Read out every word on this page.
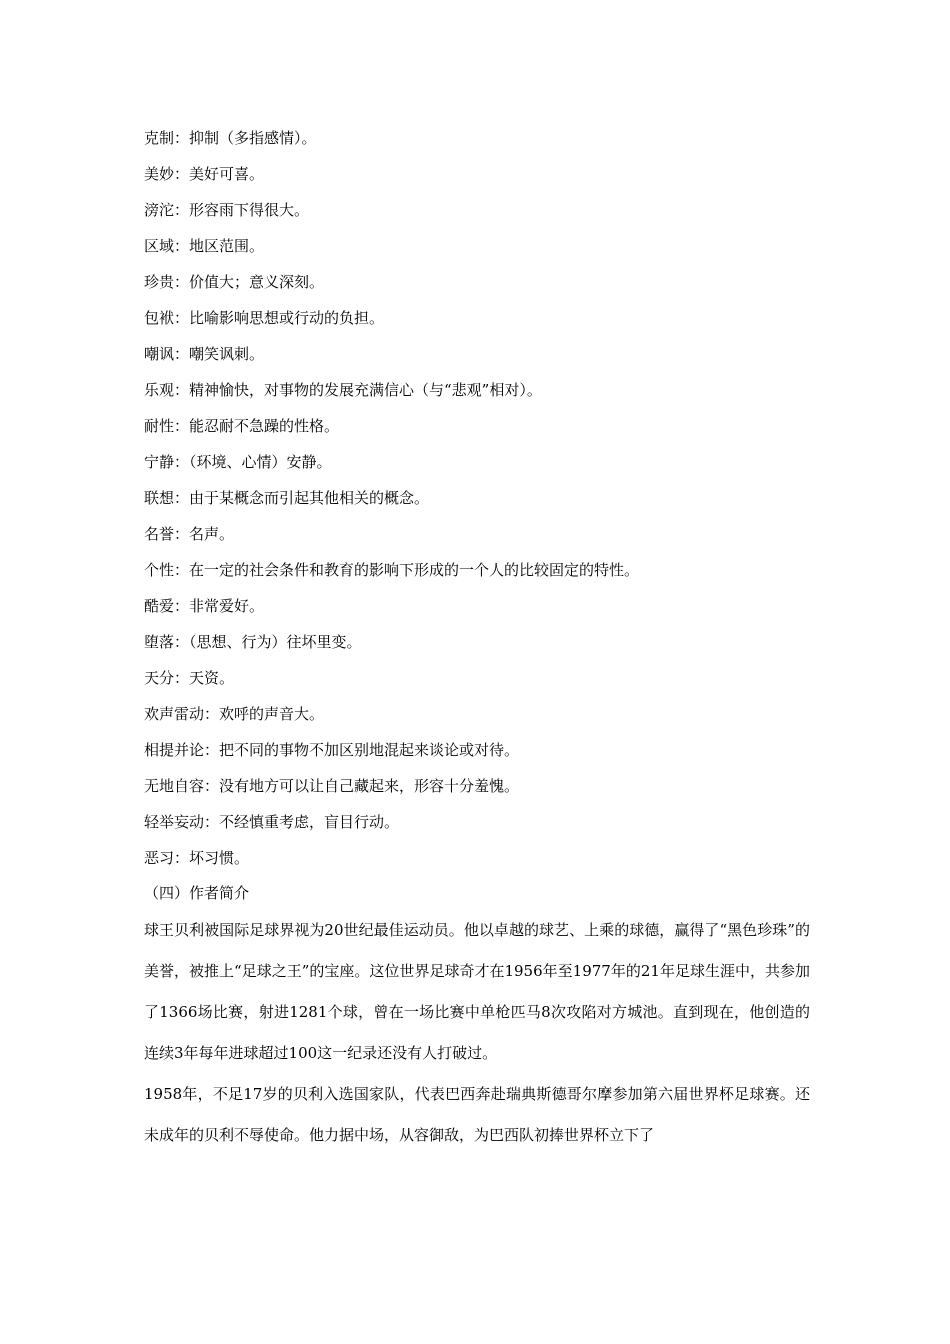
克制：抑制（多指感情）。
美妙：美好可喜。
滂沱：形容雨下得很大。
区域：地区范围。
珍贵：价值大；意义深刻。
包袱：比喻影响思想或行动的负担。
嘲讽：嘲笑讽刺。
乐观：精神愉快，对事物的发展充满信心（与“悲观”相对）。
耐性：能忍耐不急躁的性格。
宁静：（环境、心情）安静。
联想：由于某概念而引起其他相关的概念。
名誉：名声。
个性：在一定的社会条件和教育的影响下形成的一个人的比较固定的特性。
酷爱：非常爱好。
堕落：（思想、行为）往坏里变。
天分：天资。
欢声雷动：欢呼的声音大。
相提并论：把不同的事物不加区别地混起来谈论或对待。
无地自容：没有地方可以让自己藏起来，形容十分羞愧。
轻举妄动：不经慎重考虑，盲目行动。
恶习：坏习惯。
（四）作者简介

球王贝利被国际足球界视为20世纪最佳运动员。他以卓越的球艺、上乘的球德，赢得了“黑色珍珠”的美誉，被推上“足球之王”的宝座。这位世界足球奇才在1956年至1977年的21年足球生涯中，共参加了1366场比赛，射进1281个球，曾在一场比赛中单枪匹马8次攻陷对方城池。直到现在，他创造的连续3年每年进球超过100这一纪录还没有人打破过。

1958年，不足17岁的贝利入选国家队，代表巴西奔赴瑞典斯德哥尔摩参加第六届世界杯足球赛。还未成年的贝利不辱使命。他力据中场，从容御敌，为巴西队初捧世界杯立下了
